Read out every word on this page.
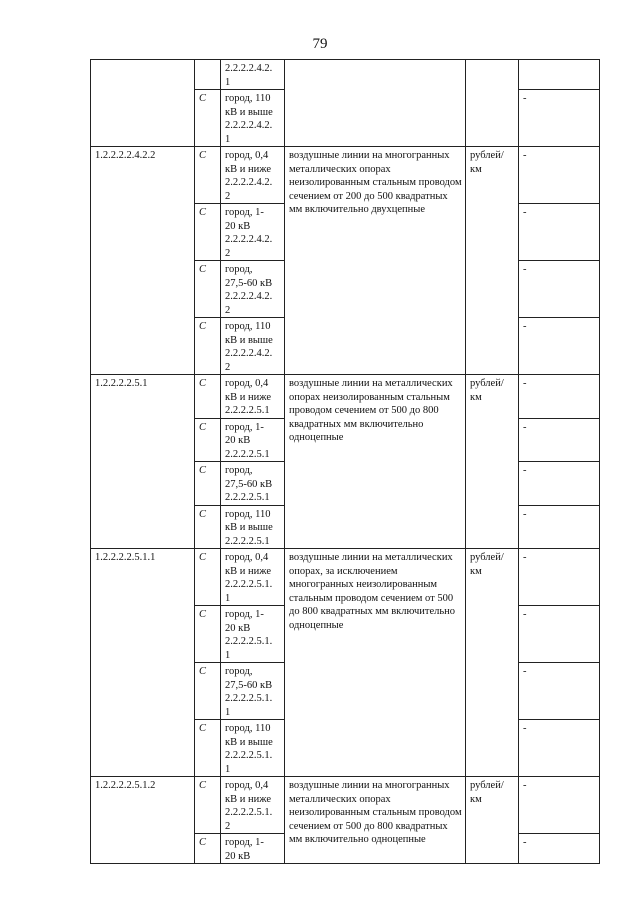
79
		2.2.2.2.4.2.
1			
	С	город, 110
кВ и выше
2.2.2.2.4.2.
1			-
1.2.2.2.2.4.2.2	С	город, 0,4
кВ и ниже
2.2.2.2.4.2.
2	воздушные линии на многогранных металлических опорах неизолированным стальным проводом сечением от 200 до 500 квадратных мм включительно двухцепные	рублей/
км	-
	С	город, 1-
20 кВ
2.2.2.2.4.2.
2			-
	С	город,
27,5-60 кВ
2.2.2.2.4.2.
2			-
	С	город, 110
кВ и выше
2.2.2.2.4.2.
2			-
1.2.2.2.2.5.1	С	город, 0,4
кВ и ниже
2.2.2.2.5.1	воздушные линии на металлических опорах неизолированным стальным проводом сечением от 500 до 800 квадратных мм включительно одноцепные	рублей/
км	-
	С	город, 1-
20 кВ
2.2.2.2.5.1			-
	С	город,
27,5-60 кВ
2.2.2.2.5.1			-
	С	город, 110
кВ и выше
2.2.2.2.5.1			-
1.2.2.2.2.5.1.1	С	город, 0,4
кВ и ниже
2.2.2.2.5.1.
1	воздушные линии на металлических опорах, за исключением многогранных неизолированным стальным проводом сечением от 500 до 800 квадратных мм включительно одноцепные	рублей/
км	-
	С	город, 1-
20 кВ
2.2.2.2.5.1.
1			-
	С	город,
27,5-60 кВ
2.2.2.2.5.1.
1			-
	С	город, 110
кВ и выше
2.2.2.2.5.1.
1			-
1.2.2.2.2.5.1.2	С	город, 0,4
кВ и ниже
2.2.2.2.5.1.
2	воздушные линии на многогранных металлических опорах неизолированным стальным проводом сечением от 500 до 800 квадратных мм включительно одноцепные	рублей/
км	-
	С	город, 1-
20 кВ			-
